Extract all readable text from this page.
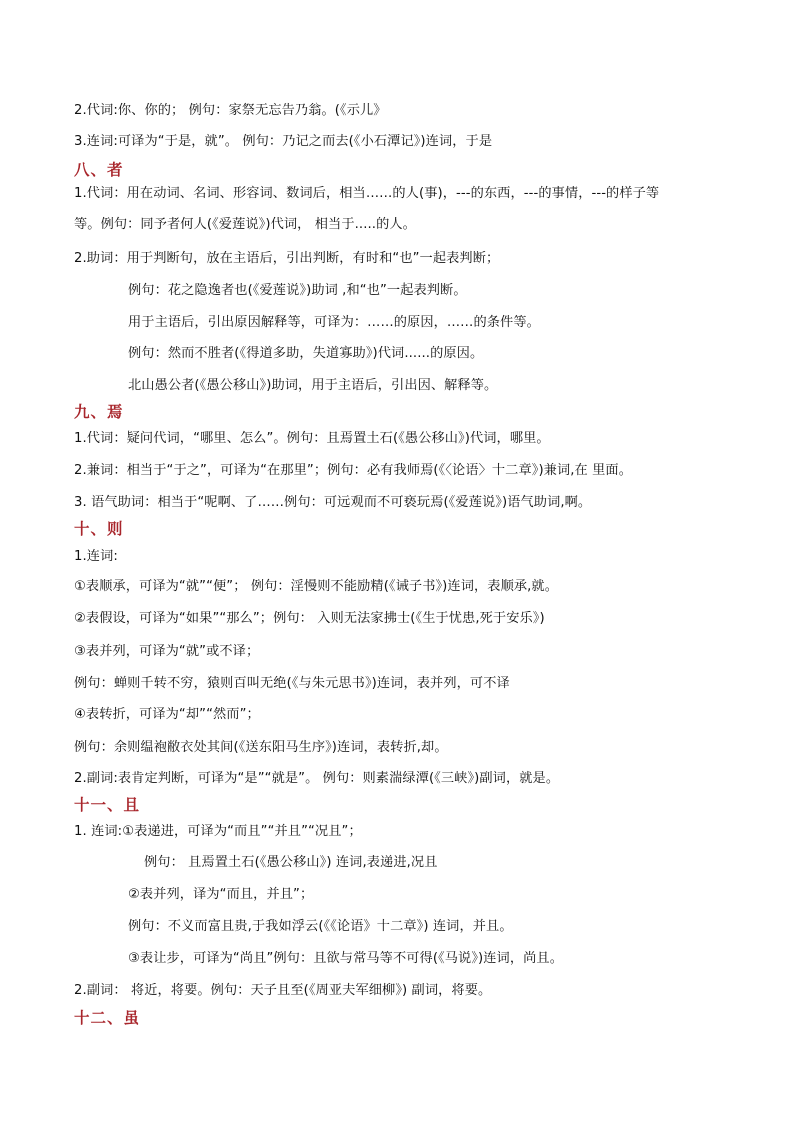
2.代词:你、你的； 例句：家祭无忘告乃翁。(《示儿》
3.连词:可译为“于是，就”。 例句：乃记之而去(《小石潭记》)连词，于是
八、者
1.代词：用在动词、名词、形容词、数词后，相当……的人(事)，---的东西，---的事情，---的样子等
等。例句：同予者何人(《爱莲说》)代词， 相当于.....的人。
2.助词：用于判断句，放在主语后，引出判断，有时和“也”一起表判断；
例句：花之隐逸者也(《爱莲说》)助词 ,和“也”一起表判断。
用于主语后，引出原因解释等，可译为：……的原因，……的条件等。
例句：然而不胜者(《得道多助，失道寡助》)代词......的原因。
北山愚公者(《愚公移山》)助词，用于主语后，引出因、解释等。
九、焉
1.代词：疑问代词，“哪里、怎么”。例句：且焉置土石(《愚公移山》)代词，哪里。
2.兼词：相当于“于之”，可译为“在那里”；例句：必有我师焉(《〈论语〉十二章》)兼词,在 里面。
3. 语气助词：相当于“呢啊、了……例句：可远观而不可亵玩焉(《爱莲说》)语气助词,啊。
十、则
1.连词:
①表顺承，可译为“就”“便”； 例句：淫慢则不能励精(《诫子书》)连词，表顺承,就。
②表假设，可译为“如果”“那么”；例句： 入则无法家拂士(《生于忧患,死于安乐》)
③表并列，可译为“就”或不译；
例句：蝉则千转不穷，猿则百叫无绝(《与朱元思书》)连词，表并列，可不译
④表转折，可译为“却”“然而”；
例句：余则缊袍敝衣处其间(《送东阳马生序》)连词，表转折,却。
2.副词:表肯定判断，可译为“是”“就是”。 例句：则素湍绿潭(《三峡》)副词，就是。
十一、且
1. 连词:①表递进，可译为“而且”“并且”“况且”；
例句： 且焉置土石(《愚公移山》) 连词,表递进,况且
②表并列，译为“而且，并且”；
例句：不义而富且贵,于我如浮云(《《论语》十二章》) 连词，并且。
③表让步，可译为“尚且”例句：且欲与常马等不可得(《马说》)连词，尚且。
2.副词： 将近，将要。例句：天子且至(《周亚夫军细柳》) 副词，将要。
十二、虽
